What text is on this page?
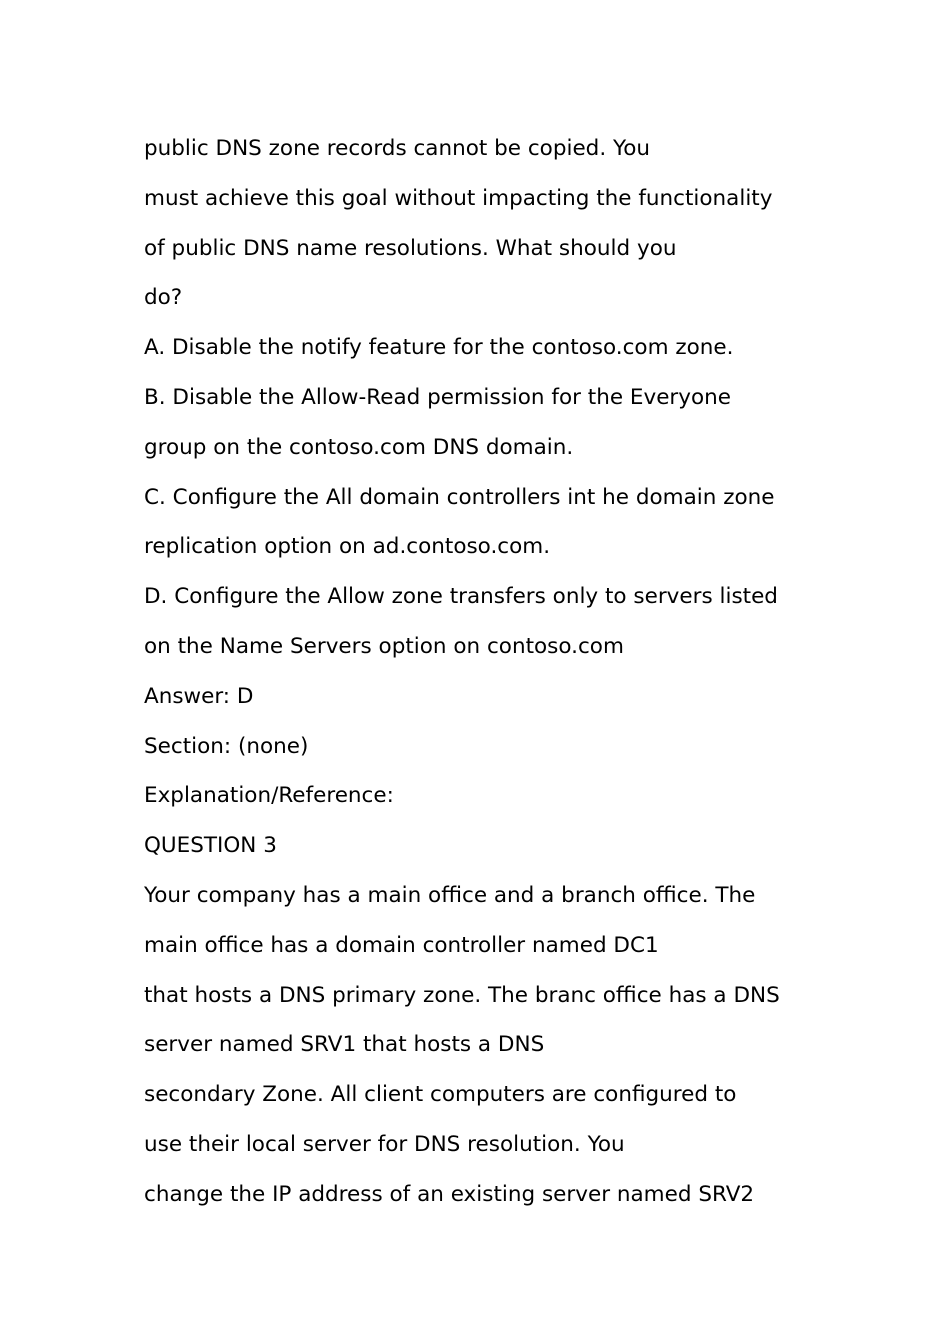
public DNS zone records cannot be copied. You
must achieve this goal without impacting the functionality
of public DNS name resolutions. What should you
do?
A. Disable the notify feature for the contoso.com zone.
B. Disable the Allow-Read permission for the Everyone
group on the contoso.com DNS domain.
C. Configure the All domain controllers int he domain zone
replication option on ad.contoso.com.
D. Configure the Allow zone transfers only to servers listed
on the Name Servers option on contoso.com
Answer: D
Section: (none)
Explanation/Reference:
QUESTION 3
Your company has a main office and a branch office. The
main office has a domain controller named DC1
that hosts a DNS primary zone. The branc office has a DNS
server named SRV1 that hosts a DNS
secondary Zone. All client computers are configured to
use their local server for DNS resolution. You
change the IP address of an existing server named SRV2
